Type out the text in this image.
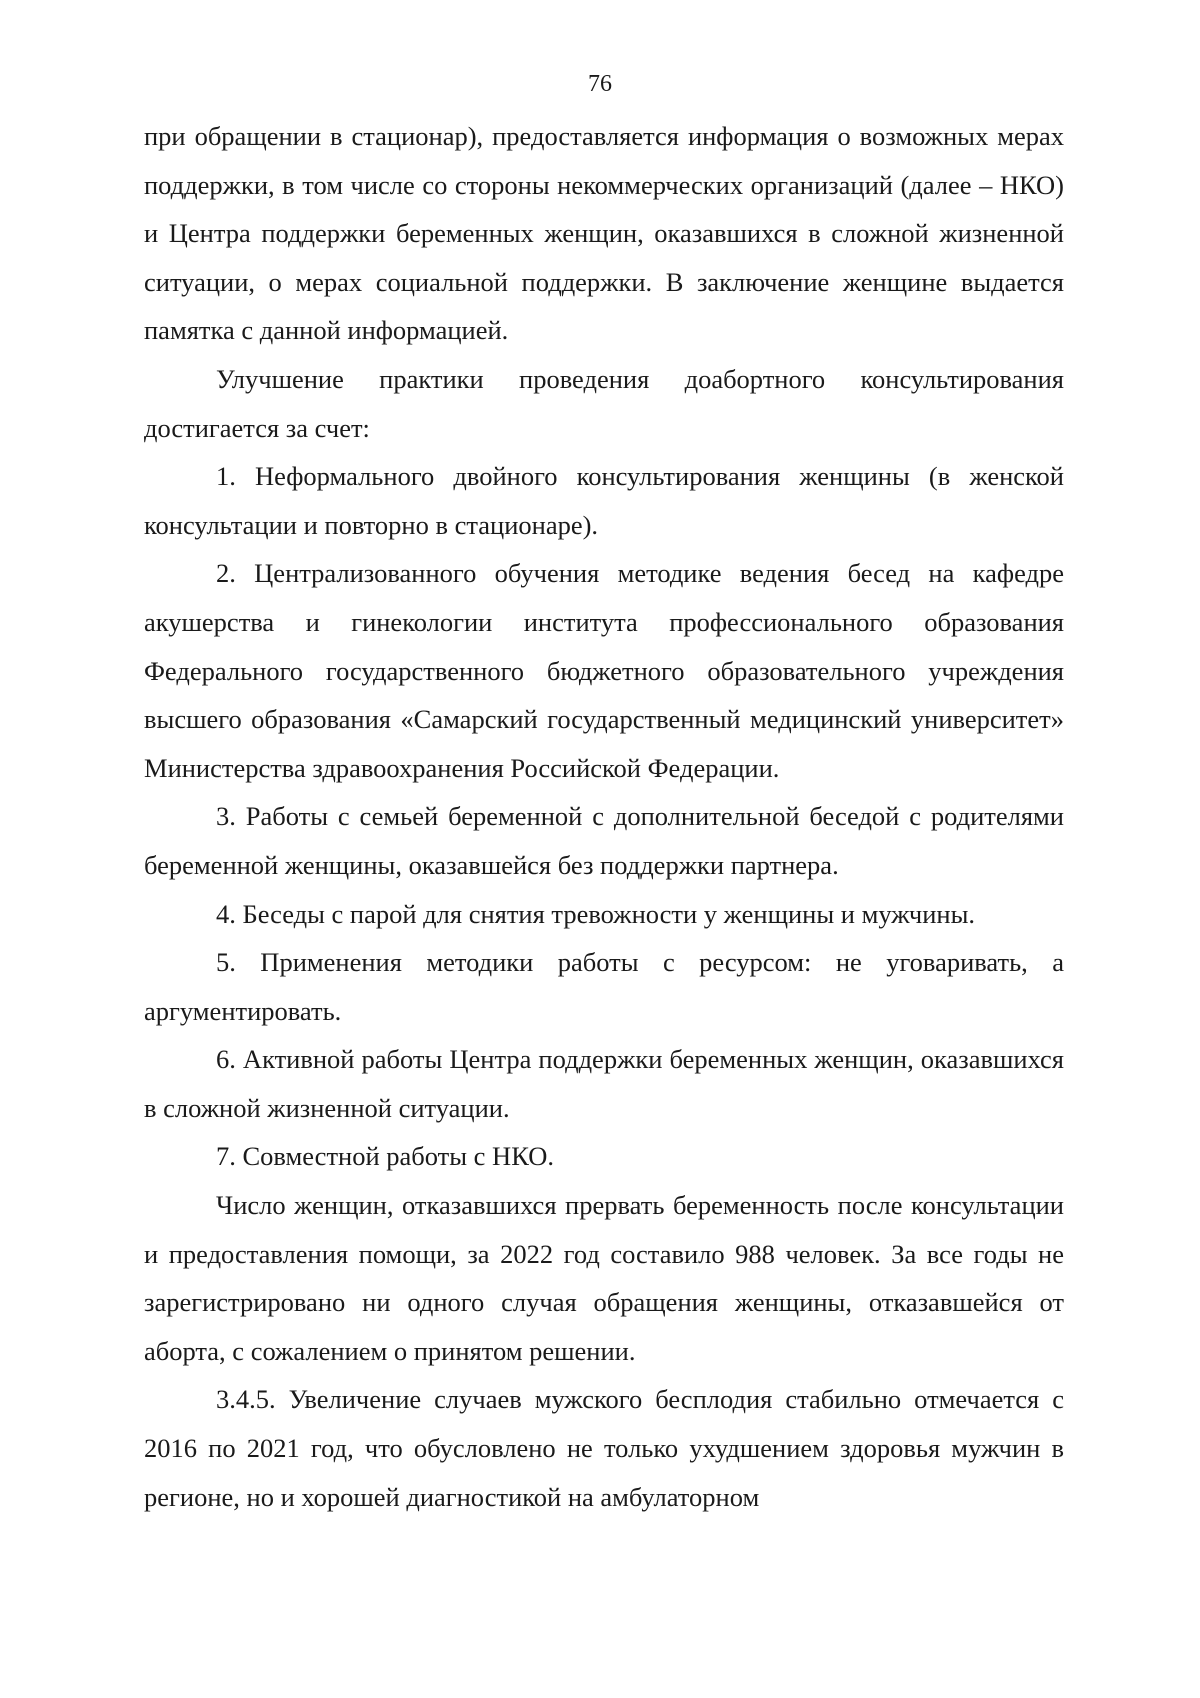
76

при обращении в стационар), предоставляется информация о возможных мерах поддержки, в том числе со стороны некоммерческих организаций (далее – НКО) и Центра поддержки беременных женщин, оказавшихся в сложной жизненной ситуации, о мерах социальной поддержки. В заключение женщине выдается памятка с данной информацией.

Улучшение практики проведения доабортного консультирования достигается за счет:

1. Неформального двойного консультирования женщины (в женской консультации и повторно в стационаре).

2. Централизованного обучения методике ведения бесед на кафедре акушерства и гинекологии института профессионального образования Федерального государственного бюджетного образовательного учреждения высшего образования «Самарский государственный медицинский университет» Министерства здравоохранения Российской Федерации.

3. Работы с семьей беременной с дополнительной беседой с родителями беременной женщины, оказавшейся без поддержки партнера.

4. Беседы с парой для снятия тревожности у женщины и мужчины.

5. Применения методики работы с ресурсом: не уговаривать, а аргументировать.

6. Активной работы Центра поддержки беременных женщин, оказавшихся в сложной жизненной ситуации.

7. Совместной работы с НКО.

Число женщин, отказавшихся прервать беременность после консультации и предоставления помощи, за 2022 год составило 988 человек. За все годы не зарегистрировано ни одного случая обращения женщины, отказавшейся от аборта, с сожалением о принятом решении.

3.4.5. Увеличение случаев мужского бесплодия стабильно отмечается с 2016 по 2021 год, что обусловлено не только ухудшением здоровья мужчин в регионе, но и хорошей диагностикой на амбулаторном
